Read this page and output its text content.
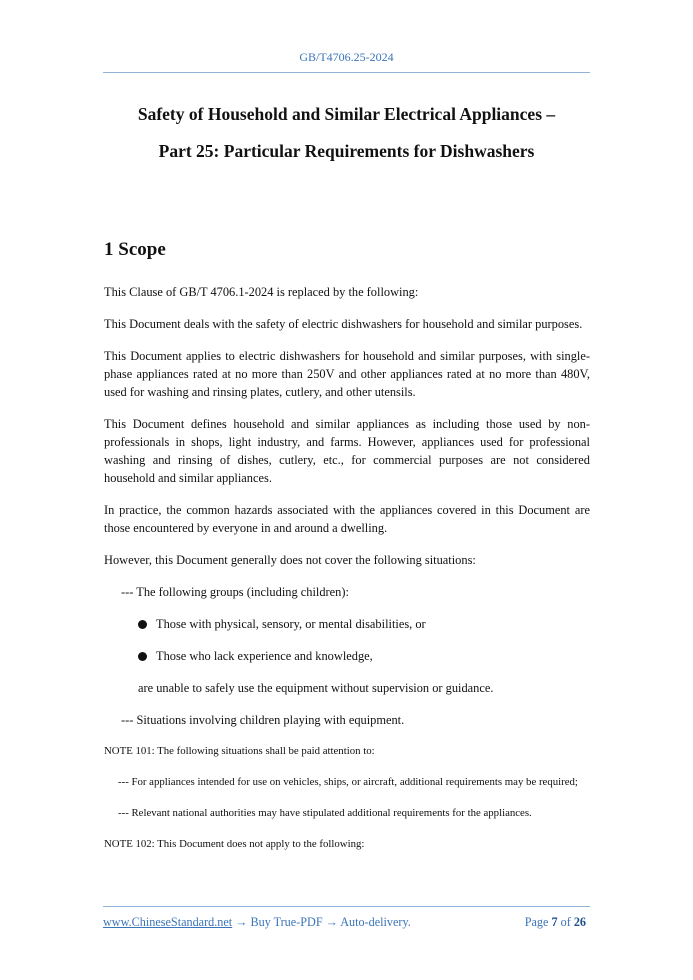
GB/T4706.25-2024
Safety of Household and Similar Electrical Appliances –
Part 25: Particular Requirements for Dishwashers
1 Scope

This Clause of GB/T 4706.1-2024 is replaced by the following:

This Document deals with the safety of electric dishwashers for household and similar purposes.

This Document applies to electric dishwashers for household and similar purposes, with single-phase appliances rated at no more than 250V and other appliances rated at no more than 480V, used for washing and rinsing plates, cutlery, and other utensils.

This Document defines household and similar appliances as including those used by non-professionals in shops, light industry, and farms. However, appliances used for professional washing and rinsing of dishes, cutlery, etc., for commercial purposes are not considered household and similar appliances.

In practice, the common hazards associated with the appliances covered in this Document are those encountered by everyone in and around a dwelling.

However, this Document generally does not cover the following situations:

--- The following groups (including children):

Those with physical, sensory, or mental disabilities, or

Those who lack experience and knowledge,

are unable to safely use the equipment without supervision or guidance.

--- Situations involving children playing with equipment.

NOTE 101: The following situations shall be paid attention to:

--- For appliances intended for use on vehicles, ships, or aircraft, additional requirements may be required;

--- Relevant national authorities may have stipulated additional requirements for the appliances.

NOTE 102: This Document does not apply to the following:

www.ChineseStandard.net → Buy True-PDF → Auto-delivery.	Page 7 of 26
